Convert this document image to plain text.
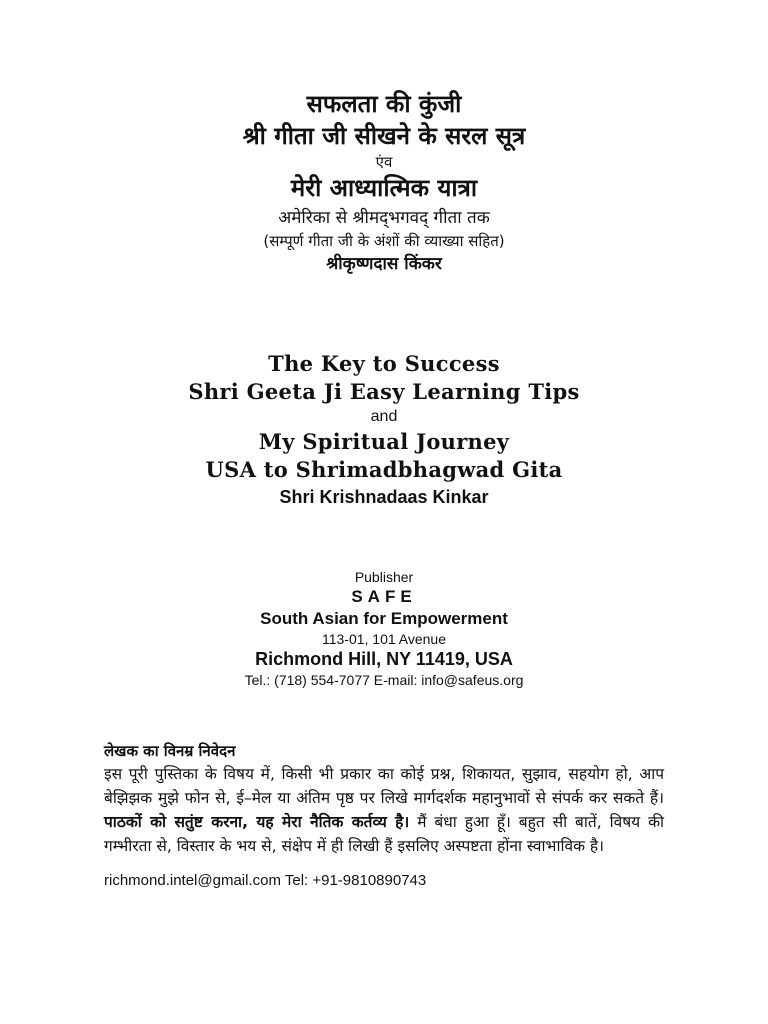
सफलता की कुंजी
श्री गीता जी सीखने के सरल सूत्र
एंव
मेरी आध्यात्मिक यात्रा
अमेरिका से श्रीमद्‌भगवद्‌ गीता तक
(सम्पूर्ण गीता जी के अंशों की व्याख्या सहित)
श्रीकृष्णदास किंकर
The Key to Success
Shri Geeta Ji Easy Learning Tips
and
My Spiritual Journey
USA to Shrimadbhagwad Gita
Shri Krishnadaas Kinkar
Publisher
SAFE
South Asian for Empowerment
113-01, 101 Avenue
Richmond Hill, NY 11419, USA
Tel.: (718) 554-7077 E-mail: info@safeus.org
लेखक का विनम्र निवेदन

इस पूरी पुस्तिका के विषय में, किसी भी प्रकार का कोई प्रश्न, शिकायत, सुझाव, सहयोग हो, आप बेझिझक मुझे फोन से, ई–मेल या अंतिम पृष्ठ पर लिखे मार्गदर्शक महानुभावों से संपर्क कर सकते हैं। पाठकों को सतुंष्ट करना, यह मेरा नैतिक कर्तव्य है। मैं बंधा हुआ हूँ। बहुत सी बातें, विषय की गम्भीरता से, विस्तार के भय से, संक्षेप में ही लिखी हैं इसलिए अस्पष्टता होंना स्वाभाविक है।

richmond.intel@gmail.com Tel: +91-9810890743
